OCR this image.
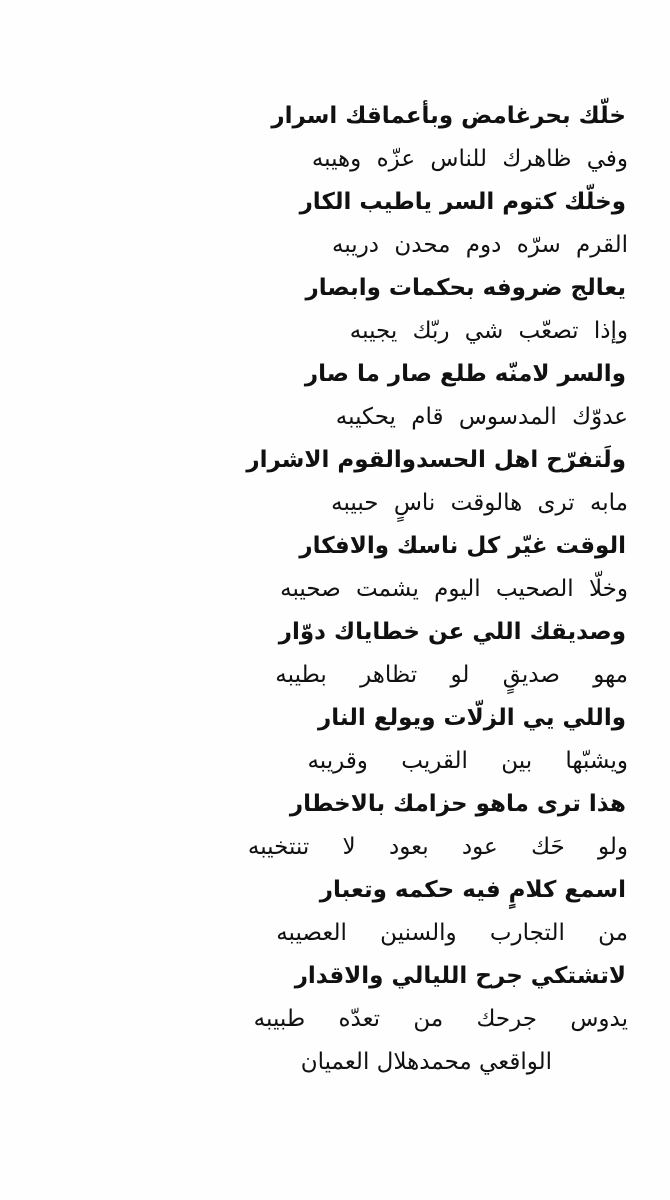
خلّك بحرغامض وبأعماقك اسرار

وفي ظاهرك للناس عزّه وهيبه

وخلّك كتوم السر ياطيب الكار

القرم سرّه دوم محدن دريبه

يعالج ضروفه بحكمات وابصار

وإذا تصعّب شي ربّك يجيبه

والسر لامنّه طلع صار ما صار

عدوّك المدسوس قام يحكيبه

ولَتفرّح اهل الحسدوالقوم الاشرار

مابه ترى هالوقت ناسٍ حبيبه

الوقت غيّر كل ناسك والافكار

وخلّا الصحيب اليوم يشمت صحيبه

وصديقك اللي عن خطاياك دوّار

مهو صديقٍ لو تظاهر بطيبه

واللي يي الزلّات ويولع النار

ويشبّها بين القريب وقريبه

هذا ترى ماهو حزامك بالاخطار

ولو حَك عود بعود لا تنتخيبه

اسمع كلامٍ فيه حكمه وتعبار

من التجارب والسنين العصيبه

لاتشتكي جرح الليالي والاقدار

يدوس جرحك من تعدّه طبيبه

الواقعي محمدهلال العميان
